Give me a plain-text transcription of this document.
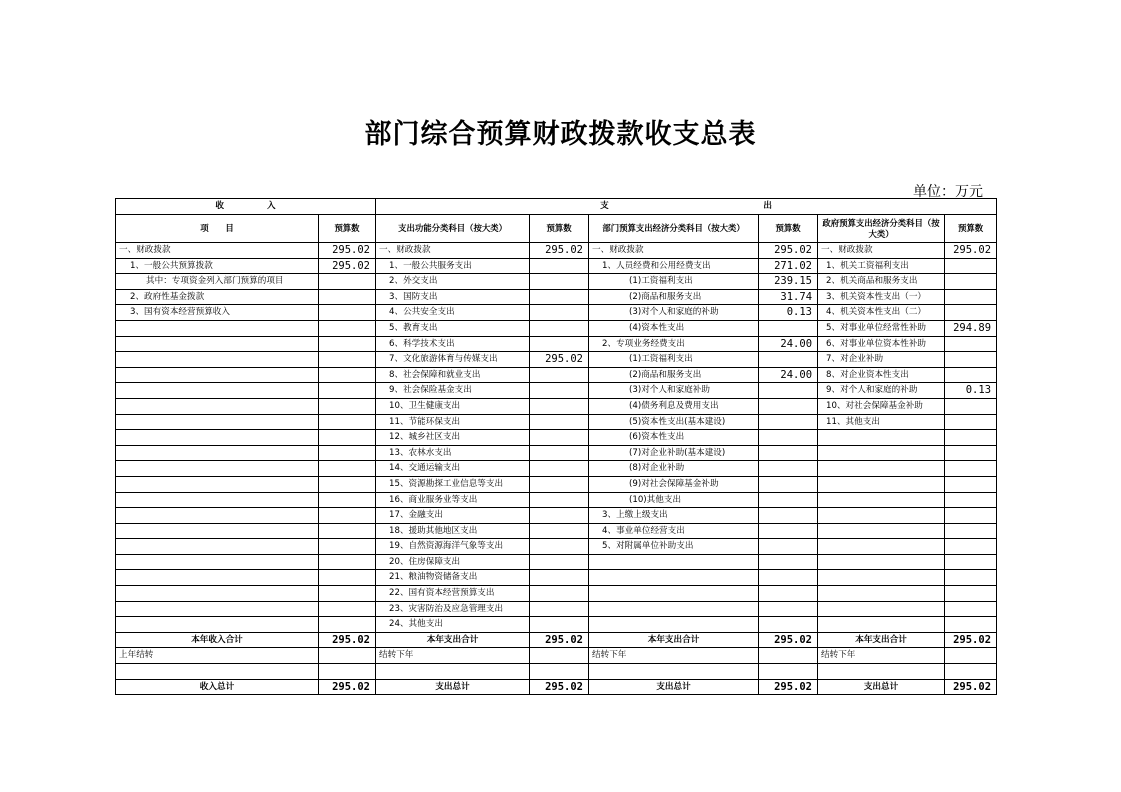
部门综合预算财政拨款收支总表
单位：万元
收　　　　　入		支　　　　　　　　　　　　　　　　　　出					
项　　目	预算数	支出功能分类科目（按大类）	预算数	部门预算支出经济分类科目（按大类）	预算数	政府预算支出经济分类科目（按大类）	预算数
一、财政拨款	295.02	一、财政拨款	295.02	一、财政拨款	295.02	一、财政拨款	295.02
1、一般公共预算拨款	295.02	1、一般公共服务支出		1、人员经费和公用经费支出	271.02	1、机关工资福利支出	
其中：专项资金列入部门预算的项目		2、外交支出		(1)工资福利支出	239.15	2、机关商品和服务支出	
2、政府性基金拨款		3、国防支出		(2)商品和服务支出	31.74	3、机关资本性支出（一）	
3、国有资本经营预算收入		4、公共安全支出		(3)对个人和家庭的补助	0.13	4、机关资本性支出（二）	
		5、教育支出		(4)资本性支出		5、对事业单位经常性补助	294.89
		6、科学技术支出		2、专项业务经费支出	24.00	6、对事业单位资本性补助	
		7、文化旅游体育与传媒支出	295.02	(1)工资福利支出		7、对企业补助	
		8、社会保障和就业支出		(2)商品和服务支出	24.00	8、对企业资本性支出	
		9、社会保险基金支出		(3)对个人和家庭补助		9、对个人和家庭的补助	0.13
		10、卫生健康支出		(4)债务利息及费用支出		10、对社会保障基金补助	
		11、节能环保支出		(5)资本性支出(基本建设)		11、其他支出	
		12、城乡社区支出		(6)资本性支出			
		13、农林水支出		(7)对企业补助(基本建设)			
		14、交通运输支出		(8)对企业补助			
		15、资源勘探工业信息等支出		(9)对社会保障基金补助			
		16、商业服务业等支出		(10)其他支出			
		17、金融支出		3、上缴上级支出			
		18、援助其他地区支出		4、事业单位经营支出			
		19、自然资源海洋气象等支出		5、对附属单位补助支出			
		20、住房保障支出					
		21、粮油物资储备支出					
		22、国有资本经营预算支出					
		23、灾害防治及应急管理支出					
		24、其他支出					
本年收入合计	295.02	本年支出合计	295.02	本年支出合计	295.02	本年支出合计	295.02
上年结转		结转下年		结转下年		结转下年	

收入总计	295.02	支出总计	295.02	支出总计	295.02	支出总计	295.02
